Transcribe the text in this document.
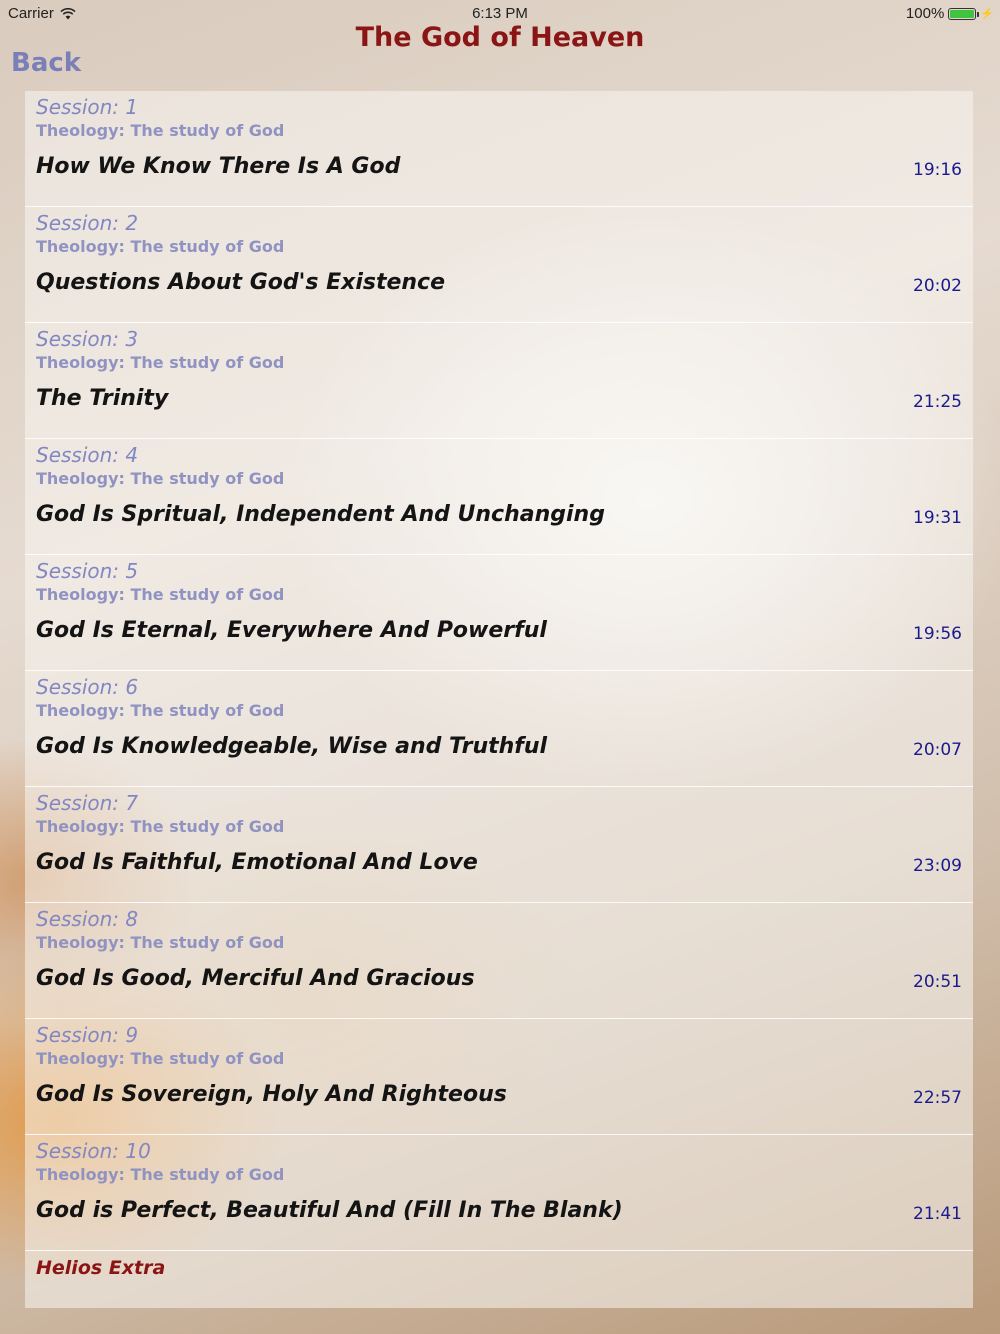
Carrier	6:13 PM	100%	⚡
The God of Heaven
Back
Session: 1
Theology: The study of God
How We Know There Is A God	19:16
Session: 2
Theology: The study of God
Questions About God's Existence	20:02
Session: 3
Theology: The study of God
The Trinity	21:25
Session: 4
Theology: The study of God
God Is Spritual, Independent And Unchanging	19:31
Session: 5
Theology: The study of God
God Is Eternal, Everywhere And Powerful	19:56
Session: 6
Theology: The study of God
God Is Knowledgeable, Wise and Truthful	20:07
Session: 7
Theology: The study of God
God Is Faithful, Emotional And Love	23:09
Session: 8
Theology: The study of God
God Is Good, Merciful And Gracious	20:51
Session: 9
Theology: The study of God
God Is Sovereign, Holy And Righteous	22:57
Session: 10
Theology: The study of God
God is Perfect, Beautiful And (Fill In The Blank)	21:41
Helios Extra
